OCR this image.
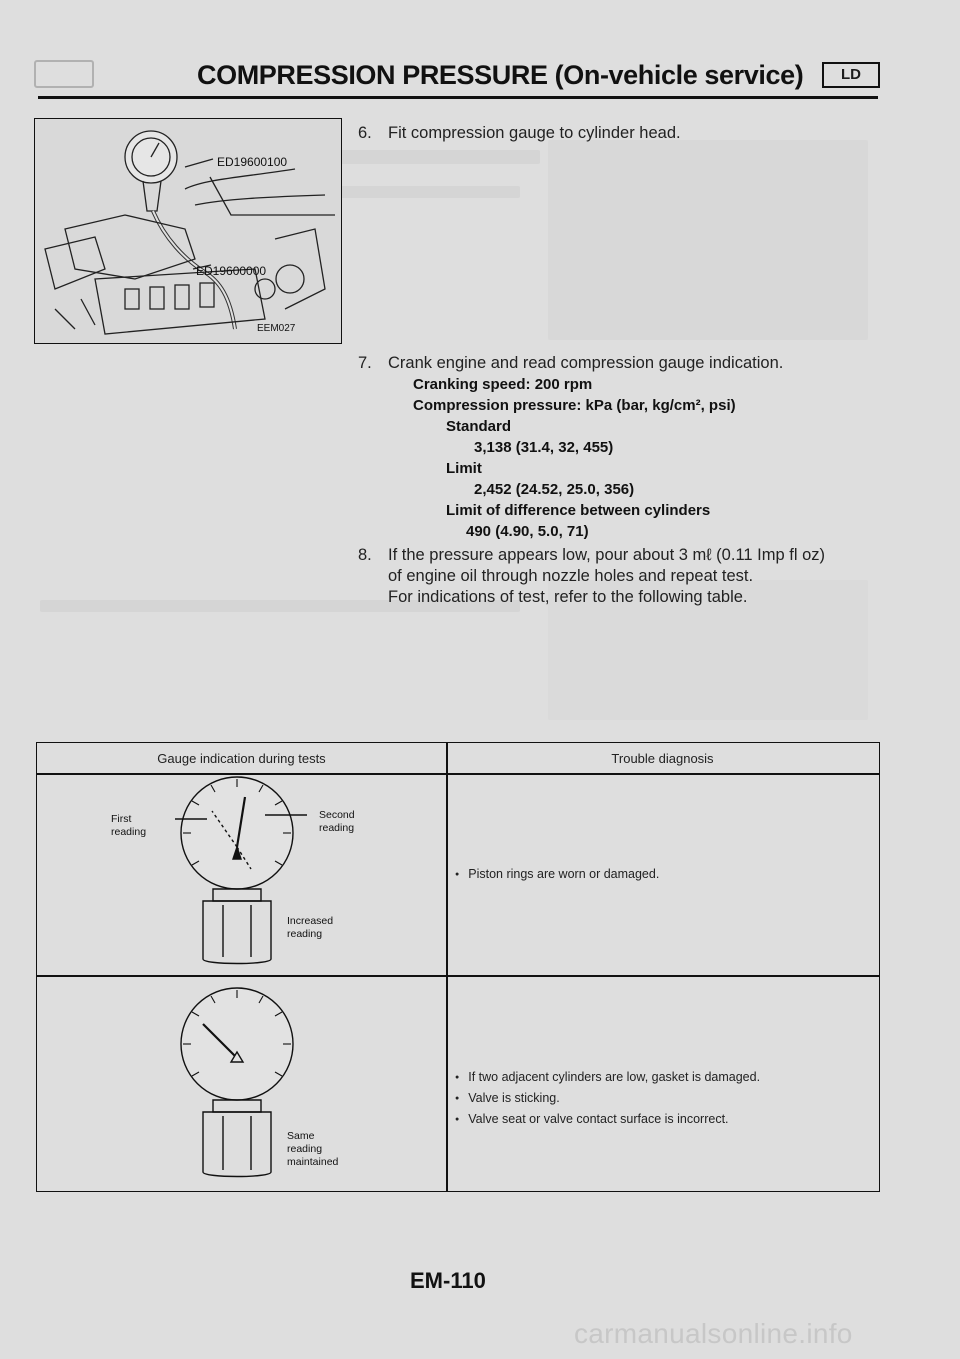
COMPRESSION PRESSURE (On-vehicle service)	LD
ED19600100
ED19600000
EEM027
6. Fit compression gauge to cylinder head.
7. Crank engine and read compression gauge indication.
Cranking speed: 200 rpm
Compression pressure: kPa (bar, kg/cm², psi)
Standard
3,138 (31.4, 32, 455)
Limit
2,452 (24.52, 25.0, 356)
Limit of difference between cylinders
490 (4.90, 5.0, 71)
8. If the pressure appears low, pour about 3 mℓ (0.11 Imp fl oz)
of engine oil through nozzle holes and repeat test.
For indications of test, refer to the following table.
Gauge indication during tests	Trouble diagnosis
First
reading
Second
reading
Increased
reading
● Piston rings are worn or damaged.
Same
reading
maintained
● If two adjacent cylinders are low, gasket is damaged.
● Valve is sticking.
● Valve seat or valve contact surface is incorrect.
EM-110
carmanualsonline.info
